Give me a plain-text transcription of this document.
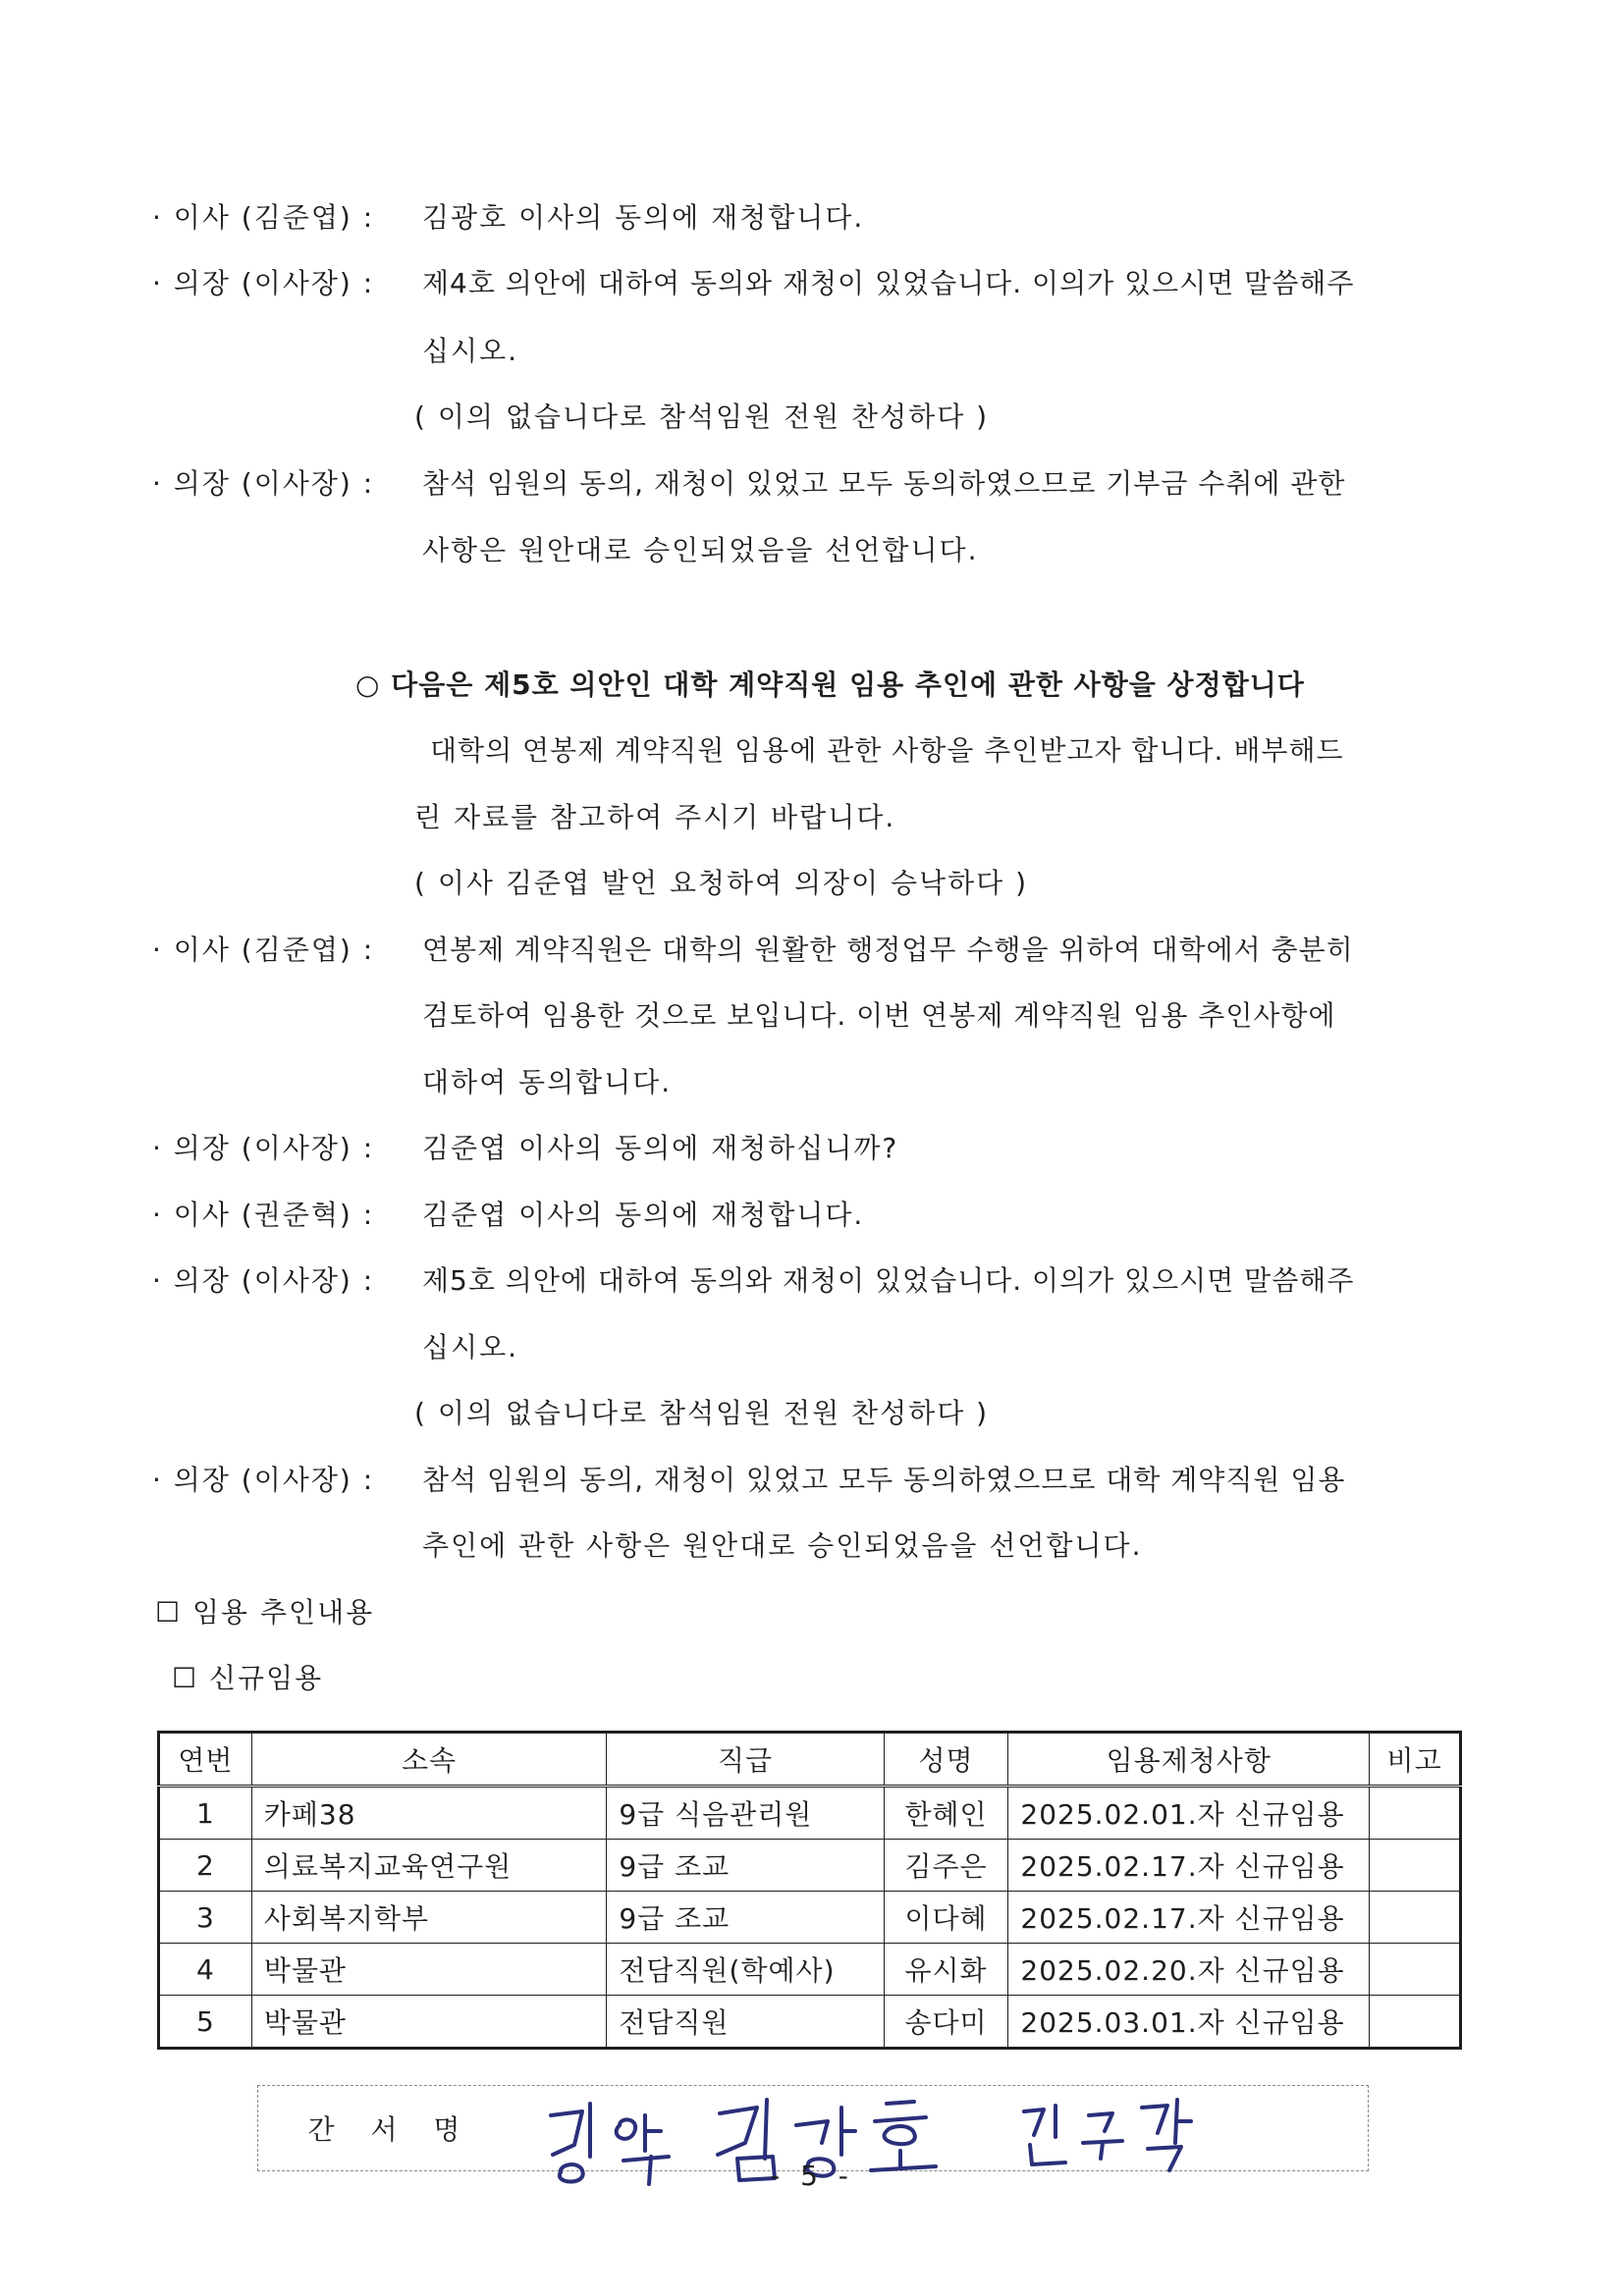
· 이사 (김준엽) : 김광호 이사의 동의에 재청합니다.
· 의장 (이사장) : 제4호 의안에 대하여 동의와 재청이 있었습니다. 이의가 있으시면 말씀해주
십시오.
( 이의 없습니다로 참석임원 전원 찬성하다 )
· 의장 (이사장) : 참석 임원의 동의, 재청이 있었고 모두 동의하였으므로 기부금 수취에 관한
사항은 원안대로 승인되었음을 선언합니다.
○ 다음은 제5호 의안인 대학 계약직원 임용 추인에 관한 사항을 상정합니다
대학의 연봉제 계약직원 임용에 관한 사항을 추인받고자 합니다. 배부해드
린 자료를 참고하여 주시기 바랍니다.
( 이사 김준엽 발언 요청하여 의장이 승낙하다 )
· 이사 (김준엽) : 연봉제 계약직원은 대학의 원활한 행정업무 수행을 위하여 대학에서 충분히
검토하여 임용한 것으로 보입니다. 이번 연봉제 계약직원 임용 추인사항에
대하여 동의합니다.
· 의장 (이사장) : 김준엽 이사의 동의에 재청하십니까?
· 이사 (권준혁) : 김준엽 이사의 동의에 재청합니다.
· 의장 (이사장) : 제5호 의안에 대하여 동의와 재청이 있었습니다. 이의가 있으시면 말씀해주
십시오.
( 이의 없습니다로 참석임원 전원 찬성하다 )
· 의장 (이사장) : 참석 임원의 동의, 재청이 있었고 모두 동의하였으므로 대학 계약직원 임용
추인에 관한 사항은 원안대로 승인되었음을 선언합니다.
☐ 임용 추인내용
☐ 신규임용
연번	소속	직급	성명	임용제청사항	비고
1	카페38	9급 식음관리원	한혜인	2025.02.01.자 신규임용	
2	의료복지교육연구원	9급 조교	김주은	2025.02.17.자 신규임용	
3	사회복지학부	9급 조교	이다혜	2025.02.17.자 신규임용	
4	박물관	전담직원(학예사)	유시화	2025.02.20.자 신규임용	
5	박물관	전담직원	송다미	2025.03.01.자 신규임용	
간 서 명
- 5 -
